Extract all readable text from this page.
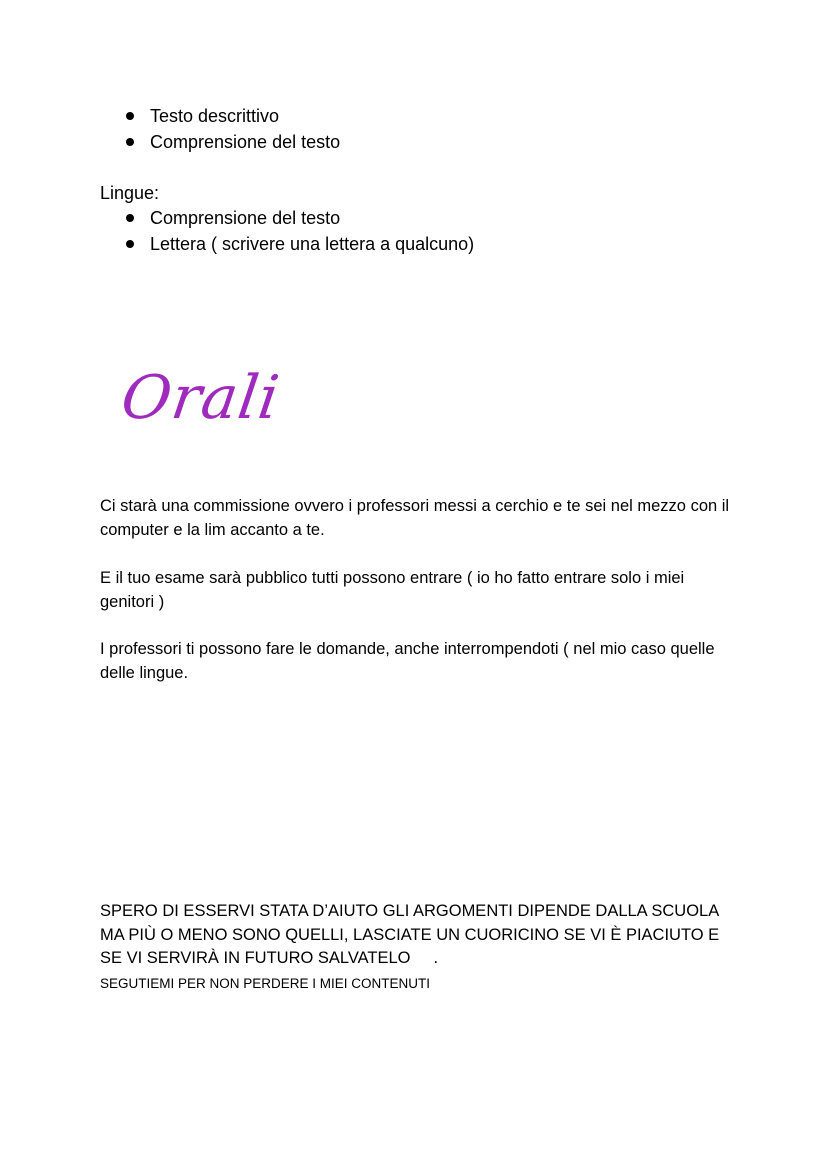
Testo descrittivo
Comprensione del testo
Lingue:
Comprensione del testo
Lettera ( scrivere una lettera a qualcuno)
Orali

Ci starà una commissione ovvero i professori messi a cerchio e te sei nel mezzo con il computer e la lim accanto a te.

E il tuo esame sarà pubblico tutti possono entrare ( io ho fatto entrare solo i miei genitori )

I professori ti possono fare le domande, anche interrompendoti ( nel mio caso quelle delle lingue.

SPERO DI ESSERVI STATA D’AIUTO GLI ARGOMENTI DIPENDE DALLA SCUOLA MA PIÙ O MENO SONO QUELLI, LASCIATE UN CUORICINO SE VI È PIACIUTO E SE VI SERVIRÀ IN FUTURO SALVATELO     .

SEGUTIEMI PER NON PERDERE I MIEI CONTENUTI
